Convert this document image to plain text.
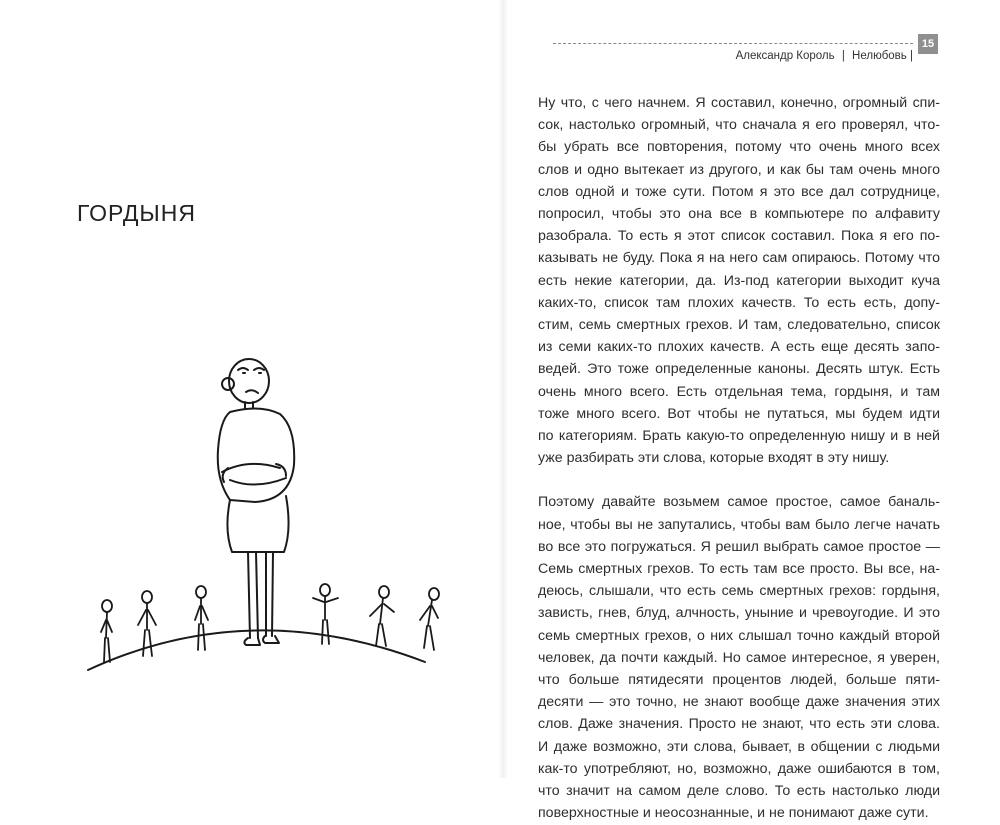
ГОРДЫНЯ
Александр Король | Нелюбовь |
15

Ну что, с чего начнем. Я составил, конечно, огромный спи-
сок, настолько огромный, что сначала я его проверял, что-
бы убрать все повторения, потому что очень много всех
слов и одно вытекает из другого, и как бы там очень много
слов одной и тоже сути. Потом я это все дал сотруднице,
попросил, чтобы это она все в компьютере по алфавиту
разобрала. То есть я этот список составил. Пока я его по-
казывать не буду. Пока я на него сам опираюсь. Потому что
есть некие категории, да. Из-под категории выходит куча
каких-то, список там плохих качеств. То есть есть, допу-
стим, семь смертных грехов. И там, следовательно, список
из семи каких-то плохих качеств. А есть еще десять запо-
ведей. Это тоже определенные каноны. Десять штук. Есть
очень много всего. Есть отдельная тема, гордыня, и там
тоже много всего. Вот чтобы не путаться, мы будем идти
по категориям. Брать какую-то определенную нишу и в ней
уже разбирать эти слова, которые входят в эту нишу.

Поэтому давайте возьмем самое простое, самое баналь-
ное, чтобы вы не запутались, чтобы вам было легче начать
во все это погружаться. Я решил выбрать самое простое —
Семь смертных грехов. То есть там все просто. Вы все, на-
деюсь, слышали, что есть семь смертных грехов: гордыня,
зависть, гнев, блуд, алчность, уныние и чревоугодие. И это
семь смертных грехов, о них слышал точно каждый второй
человек, да почти каждый. Но самое интересное, я уверен,
что больше пятидесяти процентов людей, больше пяти-
десяти — это точно, не знают вообще даже значения этих
слов. Даже значения. Просто не знают, что есть эти слова.
И даже возможно, эти слова, бывает, в общении с людьми
как-то употребляют, но, возможно, даже ошибаются в том,
что значит на самом деле слово. То есть настолько люди
поверхностные и неосознанные, и не понимают даже сути.
